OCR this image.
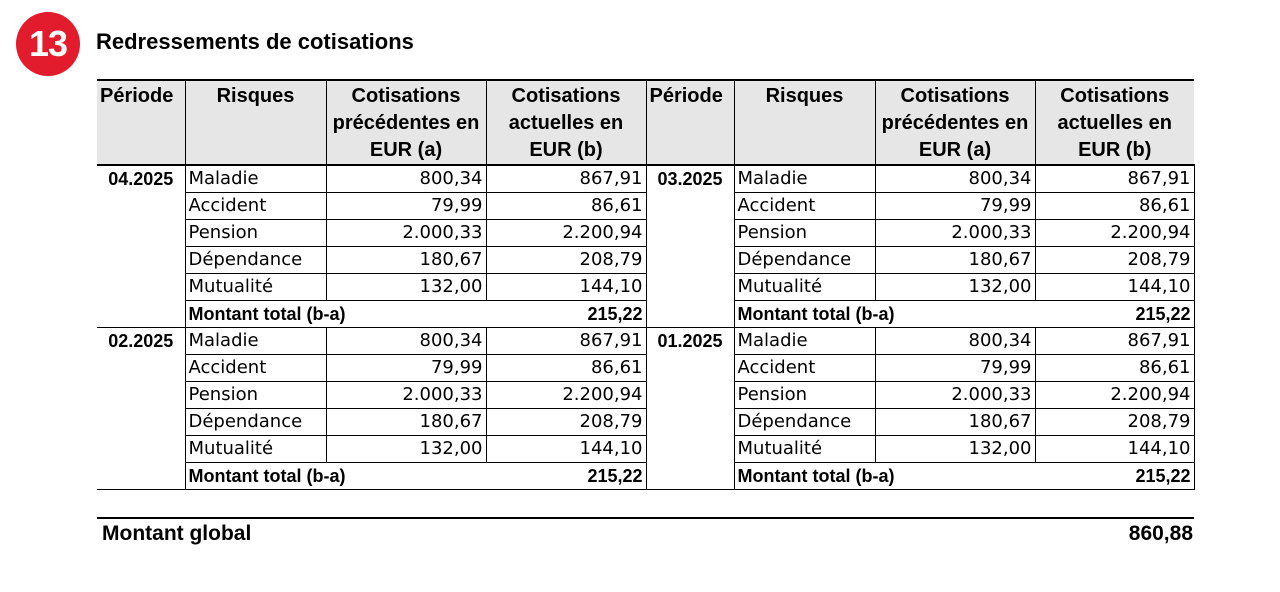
13	Redressements de cotisations
Période	Risques	Cotisations précédentes en EUR (a)	Cotisations actuelles en EUR (b)	Période	Risques	Cotisations précédentes en EUR (a)	Cotisations actuelles en EUR (b)
04.2025	Maladie	800,34	867,91	03.2025	Maladie	800,34	867,91
	Accident	79,99	86,61		Accident	79,99	86,61
	Pension	2.000,33	2.200,94		Pension	2.000,33	2.200,94
	Dépendance	180,67	208,79		Dépendance	180,67	208,79
	Mutualité	132,00	144,10		Mutualité	132,00	144,10
	Montant total (b-a)		215,22		Montant total (b-a)		215,22
02.2025	Maladie	800,34	867,91	01.2025	Maladie	800,34	867,91
	Accident	79,99	86,61		Accident	79,99	86,61
	Pension	2.000,33	2.200,94		Pension	2.000,33	2.200,94
	Dépendance	180,67	208,79		Dépendance	180,67	208,79
	Mutualité	132,00	144,10		Mutualité	132,00	144,10
	Montant total (b-a)		215,22		Montant total (b-a)		215,22
Montant global	860,88
